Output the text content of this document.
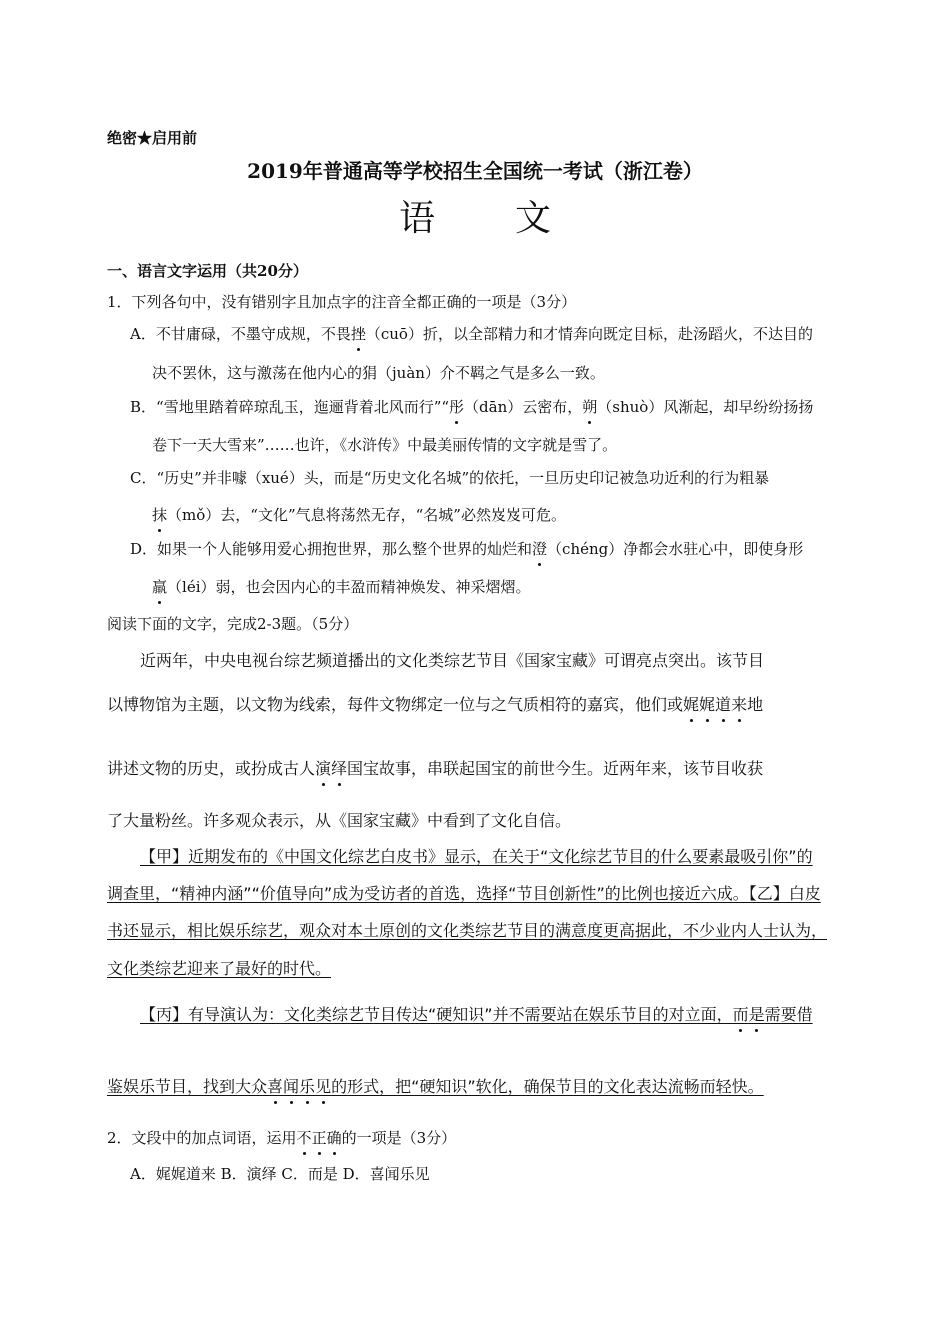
绝密★启用前
2019年普通高等学校招生全国统一考试（浙江卷）
语文
一、语言文字运用（共20分）
1．下列各句中，没有错别字且加点字的注音全都正确的一项是（3分）
A．不甘庸碌，不墨守成规，不畏挫（cuō）折，以全部精力和才情奔向既定目标，赴汤蹈火，不达目的
决不罢休，这与激荡在他内心的狷（juàn）介不羁之气是多么一致。
B．“雪地里踏着碎琼乱玉，迤逦背着北风而行”“彤（dān）云密布，朔（shuò）风渐起，却早纷纷扬扬
卷下一天大雪来”……也许，《水浒传》中最美丽传情的文字就是雪了。
C．“历史”并非噱（xué）头，而是“历史文化名城”的依托，一旦历史印记被急功近利的行为粗暴
抹（mǒ）去，“文化”气息将荡然无存，“名城”必然岌岌可危。
D．如果一个人能够用爱心拥抱世界，那么整个世界的灿烂和澄（chéng）净都会水驻心中，即使身形
羸（léi）弱，也会因内心的丰盈而精神焕发、神采熠熠。
阅读下面的文字，完成2-3题。（5分）
近两年，中央电视台综艺频道播出的文化类综艺节目《国家宝藏》可谓亮点突出。该节目
以博物馆为主题，以文物为线索，每件文物绑定一位与之气质相符的嘉宾，他们或娓娓道来地
讲述文物的历史，或扮成古人演绎国宝故事，串联起国宝的前世今生。近两年来，该节目收获
了大量粉丝。许多观众表示，从《国家宝藏》中看到了文化自信。
【甲】近期发布的《中国文化综艺白皮书》显示，在关于“文化综艺节目的什么要素最吸引你”的
调查里，“精神内涵”“价值导向”成为受访者的首选，选择“节目创新性”的比例也接近六成。【乙】白皮
书还显示，相比娱乐综艺，观众对本土原创的文化类综艺节目的满意度更高据此，不少业内人士认为，
文化类综艺迎来了最好的时代。
【丙】有导演认为：文化类综艺节目传达“硬知识”并不需要站在娱乐节目的对立面，而是需要借
鉴娱乐节目，找到大众喜闻乐见的形式，把“硬知识”软化，确保节目的文化表达流畅而轻快。
2．文段中的加点词语，运用不正确的一项是（3分）
A．娓娓道来 B．演绎 C．而是 D．喜闻乐见
